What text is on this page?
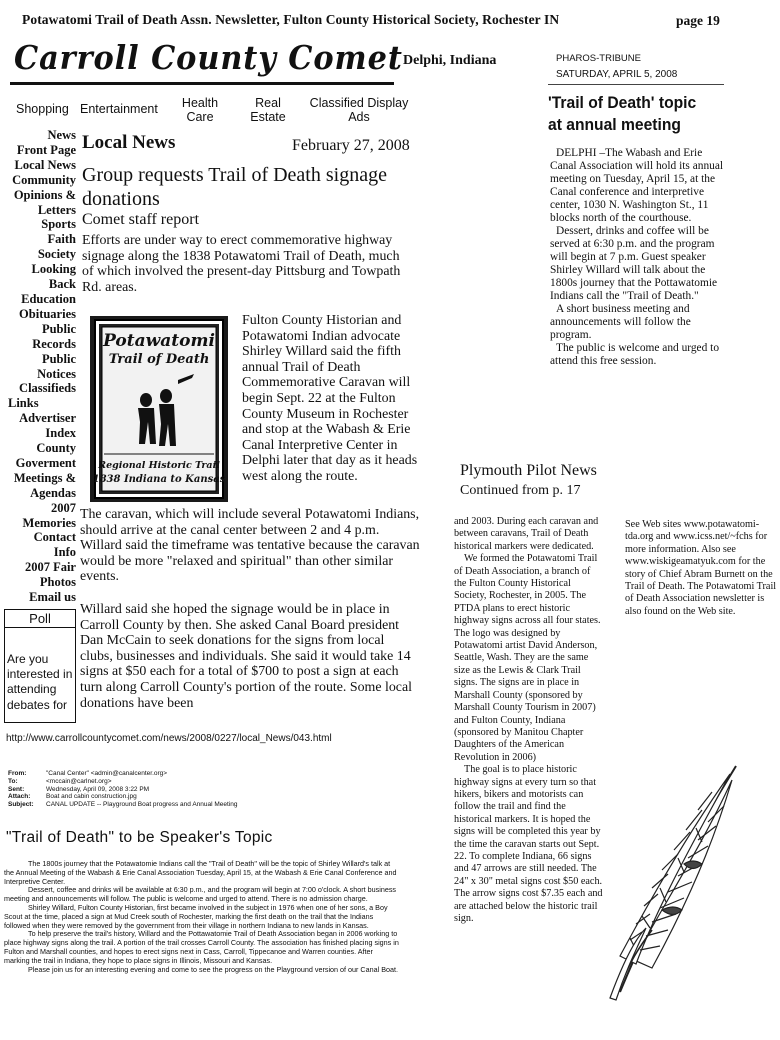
Potawatomi Trail of Death Assn. Newsletter, Fulton County Historical Society, Rochester IN	page 19
Carroll County Comet Delphi, Indiana
Shopping Entertainment	Health Care
Real Estate
Classified Display Ads
News
Front Page
Local News
Community
Opinions &
Letters
Sports
Faith
Society
Looking
Back
Education
Obituaries
Public
Records
Public
Notices
Classifieds
Links
Advertiser
Index
County
Goverment
Meetings &
Agendas
2007
Memories
Contact
Info
2007 Fair
Photos
Email us
Poll
Are you interested in attending debates for
Local News	February 27, 2008
Group requests Trail of Death signage donations
Comet staff report
Efforts are under way to erect commemorative highway signage along the 1838 Potawatomi Trail of Death, much of which involved the present-day Pittsburg and Towpath Rd. areas.
Potawatomi
Trail of Death
Regional Historic Trail
1838 Indiana to Kansas
Fulton County Historian and Potawatomi Indian advocate Shirley Willard said the fifth annual Trail of Death Commemorative Caravan will begin Sept. 22 at the Fulton County Museum in Rochester and stop at the Wabash & Erie Canal Interpretive Center in Delphi later that day as it heads west along the route.
The caravan, which will include several Potawatomi Indians, should arrive at the canal center between 2 and 4 p.m. Willard said the timeframe was tentative because the caravan would be more "relaxed and spiritual" than other similar events.
Willard said she hoped the signage would be in place in Carroll County by then. She asked Canal Board president Dan McCain to seek donations for the signs from local clubs, businesses and individuals. She said it would take 14 signs at $50 each for a total of $700 to post a sign at each turn along Carroll County's portion of the route. Some local donations have been
http://www.carrollcountycomet.com/news/2008/0227/local_News/043.html
From:	"Canal Center" <admin@canalcenter.org>
To:	<mccain@carlnet.org>
Sent:	Wednesday, April 09, 2008 3:22 PM
Attach: Boat and cabin construction.jpg
Subject: CANAL UPDATE -- Playground Boat progress and Annual Meeting
"Trail of Death" to be Speaker's Topic

The 1800s journey that the Potawatomie Indians call the "Trail of Death" will be the topic of Shirley Willard's talk at the Annual Meeting of the Wabash & Erie Canal Association Tuesday, April 15, at the Wabash & Erie Canal Conference and Interpretive Center.

Dessert, coffee and drinks will be available at 6:30 p.m., and the program will begin at 7:00 o'clock. A short business meeting and announcements will follow. The public is welcome and urged to attend. There is no admission charge.

Shirley Willard, Fulton County Historian, first became involved in the subject in 1976 when one of her sons, a Boy Scout at the time, placed a sign at Mud Creek south of Rochester, marking the first death on the trail that the Indians followed when they were removed by the government from their village in northern Indiana to new lands in Kansas.

To help preserve the trail's history, Willard and the Pottawatomie Trail of Death Association began in 2006 working to place highway signs along the trail. A portion of the trail crosses Carroll County. The association has finished placing signs in Fulton and Marshall counties, and hopes to erect signs next in Cass, Carroll, Tippecanoe and Warren counties. After marking the trail in Indiana, they hope to place signs in Illinois, Missouri and Kansas.

Please join us for an interesting evening and come to see the progress on the Playground version of our Canal Boat.

PHAROS-TRIBUNE
SATURDAY, APRIL 5, 2008
'Trail of Death' topic at annual meeting

DELPHI –The Wabash and Erie Canal Association will hold its annual meeting on Tuesday, April 15, at the Canal conference and interpretive center, 1030 N. Washington St., 11 blocks north of the courthouse.

Dessert, drinks and coffee will be served at 6:30 p.m. and the program will begin at 7 p.m. Guest speaker Shirley Willard will talk about the 1800s journey that the Pottawatomie Indians call the "Trail of Death."

A short business meeting and announcements will follow the program.

The public is welcome and urged to attend this free session.

Plymouth Pilot News
Continued from p. 17

and 2003. During each caravan and between caravans, Trail of Death historical markers were dedicated.

We formed the Potawatomi Trail of Death Association, a branch of the Fulton County Historical Society, Rochester, in 2005. The PTDA plans to erect historic highway signs across all four states. The logo was designed by Potawatomi artist David Anderson, Seattle, Wash. They are the same size as the Lewis & Clark Trail signs. The signs are in place in Marshall County (sponsored by Marshall County Tourism in 2007) and Fulton County, Indiana (sponsored by Manitou Chapter Daughters of the American Revolution in 2006)

The goal is to place historic highway signs at every turn so that hikers, bikers and motorists can follow the trail and find the historical markers. It is hoped the signs will be completed this year by the time the caravan starts out Sept. 22. To complete Indiana, 66 signs and 47 arrows are still needed. The 24" x 30" metal signs cost $50 each. The arrow signs cost $7.35 each and are attached below the historic trail sign.

See Web sites www.potawatomi-tda.org and www.icss.net/~fchs for more information. Also see www.wiskigeamatyuk.com for the story of Chief Abram Burnett on the Trail of Death. The Potawatomi Trail of Death Association newsletter is also found on the Web site.
